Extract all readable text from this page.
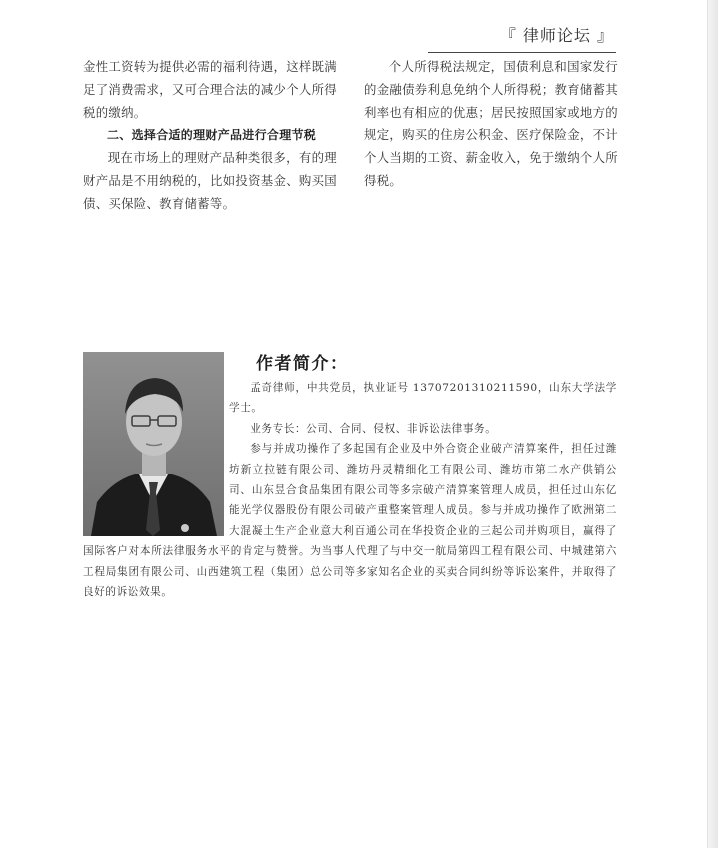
『 律师论坛 』

金性工资转为提供必需的福利待遇，这样既满足了消费需求，又可合理合法的减少个人所得税的缴纳。

二、选择合适的理财产品进行合理节税

现在市场上的理财产品种类很多，有的理财产品是不用纳税的，比如投资基金、购买国债、买保险、教育储蓄等。

个人所得税法规定，国债利息和国家发行的金融债券利息免纳个人所得税；教育储蓄其利率也有相应的优惠；居民按照国家或地方的规定，购买的住房公积金、医疗保险金，不计个人当期的工资、薪金收入，免于缴纳个人所得税。

作者简介：

孟奇律师，中共党员，执业证号 13707201310211590，山东大学法学学士。

业务专长：公司、合同、侵权、非诉讼法律事务。

参与并成功操作了多起国有企业及中外合资企业破产清算案件，担任过潍坊新立拉链有限公司、潍坊丹灵精细化工有限公司、潍坊市第二水产供销公司、山东昱合食品集团有限公司等多宗破产清算案管理人成员，担任过山东亿能光学仪器股份有限公司破产重整案管理人成员。参与并成功操作了欧洲第二大混凝土生产企业意大利百通公司在华投资企业的三起公司并购项目，赢得了国际客户对本所法律服务水平的肯定与赞誉。为当事人代理了与中交一航局第四工程有限公司、中城建第六工程局集团有限公司、山西建筑工程（集团）总公司等多家知名企业的买卖合同纠纷等诉讼案件，并取得了良好的诉讼效果。
